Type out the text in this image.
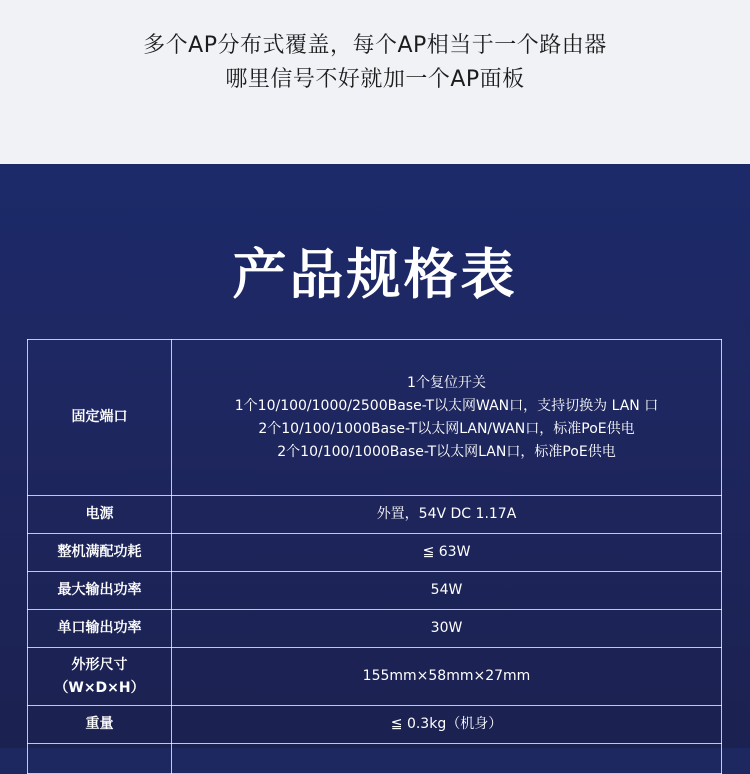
多个AP分布式覆盖，每个AP相当于一个路由器
哪里信号不好就加一个AP面板
产品规格表
固定端口	1个复位开关
1个10/100/1000/2500Base-T以太网WAN口，支持切换为 LAN 口
2个10/100/1000Base-T以太网LAN/WAN口，标准PoE供电
2个10/100/1000Base-T以太网LAN口，标准PoE供电

电源	外置，54V DC 1.17A
整机满配功耗	≦ 63W
最大输出功率	54W
单口输出功率	30W

外形尺寸
（W×D×H）	155mm×58mm×27mm
重量	≦ 0.3kg（机身）
